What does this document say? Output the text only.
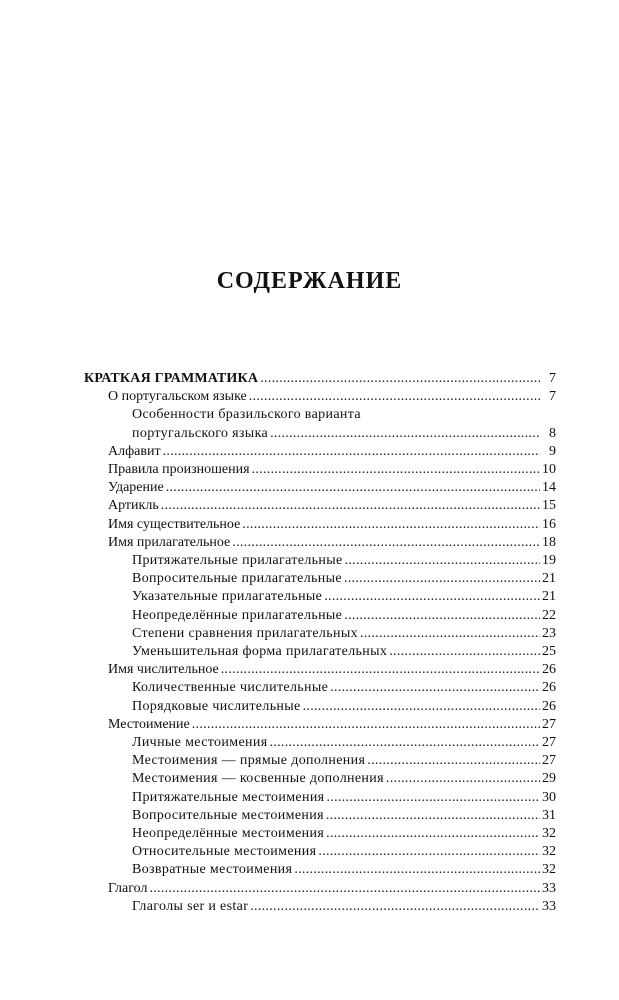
СОДЕРЖАНИЕ
КРАТКАЯ ГРАММАТИКА . . .	7
О португальском языке . . .	7
Особенности бразильского варианта
португальского языка . . .	8
Алфавит . . .	9
Правила произношения . . .	10
Ударение . . .	14
Артикль . . .	15
Имя существительное . . .	16
Имя прилагательное . . .	18
Притяжательные прилагательные . . .	19
Вопросительные прилагательные . . .	21
Указательные прилагательные . . .	21
Неопределённые прилагательные . . .	22
Степени сравнения прилагательных . . .	23
Уменьшительная форма прилагательных . . .	25
Имя числительное . . .	26
Количественные числительные . . .	26
Порядковые числительные . . .	26
Местоимение . . .	27
Личные местоимения . . .	27
Местоимения — прямые дополнения . . .	27
Местоимения — косвенные дополнения . . .	29
Притяжательные местоимения . . .	30
Вопросительные местоимения . . .	31
Неопределённые местоимения . . .	32
Относительные местоимения . . .	32
Возвратные местоимения . . .	32
Глагол . . .	33
Глаголы ser и estar . . .	33
